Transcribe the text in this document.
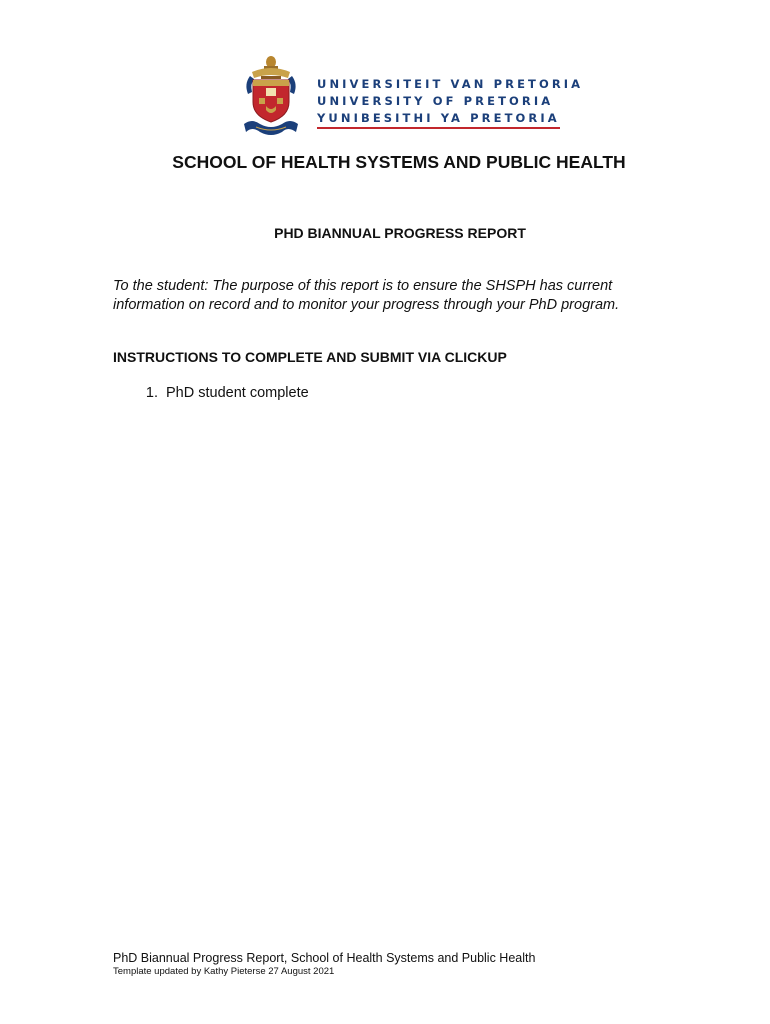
UNIVERSITEIT VAN PRETORIA
UNIVERSITY OF PRETORIA
YUNIBESITHI YA PRETORIA
SCHOOL OF HEALTH SYSTEMS AND PUBLIC HEALTH
PHD BIANNUAL PROGRESS REPORT

To the student: The purpose of this report is to ensure the SHSPH has current information on record and to monitor your progress through your PhD program.

INSTRUCTIONS TO COMPLETE AND SUBMIT VIA CLICKUP
1. PhD student complete

PhD Biannual Progress Report, School of Health Systems and Public Health

Template updated by Kathy Pieterse 27 August 2021
